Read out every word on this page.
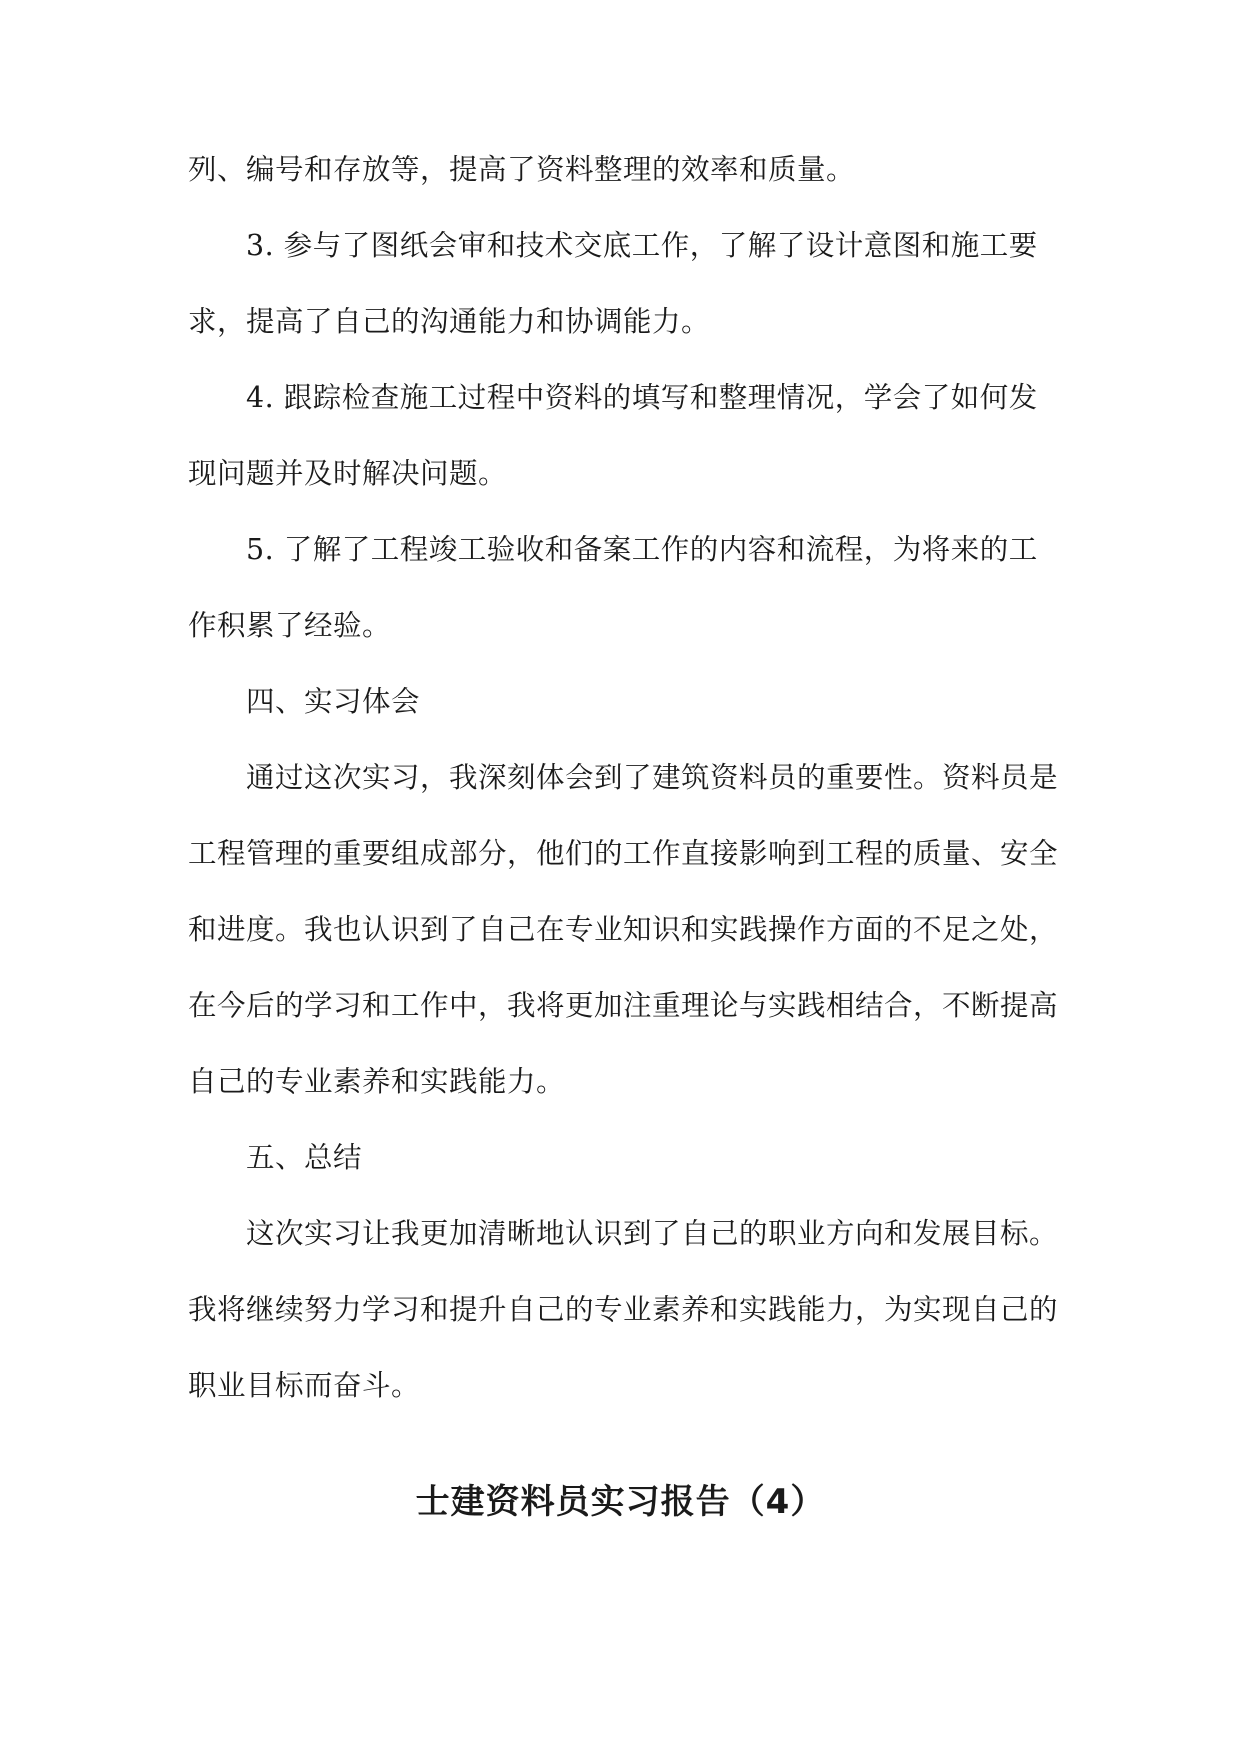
列、编号和存放等，提高了资料整理的效率和质量。
3. 参与了图纸会审和技术交底工作，了解了设计意图和施工要
求，提高了自己的沟通能力和协调能力。
4. 跟踪检查施工过程中资料的填写和整理情况，学会了如何发
现问题并及时解决问题。
5. 了解了工程竣工验收和备案工作的内容和流程，为将来的工
作积累了经验。
四、实习体会
通过这次实习，我深刻体会到了建筑资料员的重要性。资料员是
工程管理的重要组成部分，他们的工作直接影响到工程的质量、安全
和进度。我也认识到了自己在专业知识和实践操作方面的不足之处，
在今后的学习和工作中，我将更加注重理论与实践相结合，不断提高
自己的专业素养和实践能力。
五、总结
这次实习让我更加清晰地认识到了自己的职业方向和发展目标。
我将继续努力学习和提升自己的专业素养和实践能力，为实现自己的
职业目标而奋斗。
士建资料员实习报告（4）
